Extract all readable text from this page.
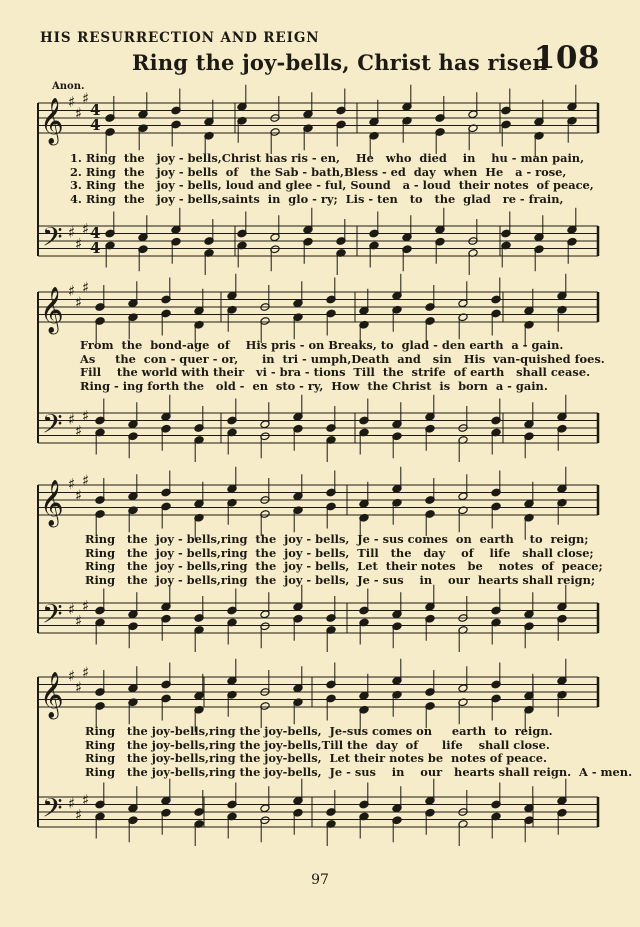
HIS RESURRECTION AND REIGN
Ring the joy-bells, Christ has risen
108
Anon.
𝄞
𝄢
♯
♯
♯
♯
♯
♯
4
4
4
4
𝄞
𝄢
♯
♯
♯
♯
♯
♯
𝄞
𝄢
♯
♯
♯
♯
♯
♯
𝄞
𝄢
♯
♯
♯
♯
♯
♯
1. Ring  the   joy - bells,Christ has ris - en,    He   who  died    in    hu - man pain,
2. Ring  the   joy - bells  of   the Sab - bath,Bless - ed  day  when  He   a - rose,
3. Ring  the   joy - bells, loud and glee - ful, Sound   a - loud  their notes  of peace,
4. Ring  the   joy - bells,saints  in  glo - ry;  Lis - ten   to   the  glad   re - frain,
From  the  bond-age  of    His pris - on Breaks, to  glad - den earth  a - gain.
As     the  con - quer - or,      in  tri - umph,Death  and   sin   His  van-quished foes.
Fill    the world with their   vi - bra - tions  Till  the  strife  of earth   shall cease.
Ring - ing forth the   old -  en  sto - ry,  How  the Christ  is  born  a - gain.
Ring   the  joy - bells,ring  the  joy - bells,  Je - sus comes  on  earth    to  reign;
Ring   the  joy - bells,ring  the  joy - bells,  Till   the   day    of    life   shall close;
Ring   the  joy - bells,ring  the  joy - bells,  Let  their notes   be    notes  of  peace;
Ring   the  joy - bells,ring  the  joy - bells,  Je - sus    in    our  hearts shall reign;
Ring   the joy-bells,ring the joy-bells,  Je-sus comes on     earth  to  reign.
Ring   the joy-bells,ring the joy-bells,Till the  day  of      life    shall close.
Ring   the joy-bells,ring the joy-bells,  Let their notes be  notes of peace.
Ring   the joy-bells,ring the joy-bells,  Je - sus    in    our   hearts shall reign.  A - men.
97
